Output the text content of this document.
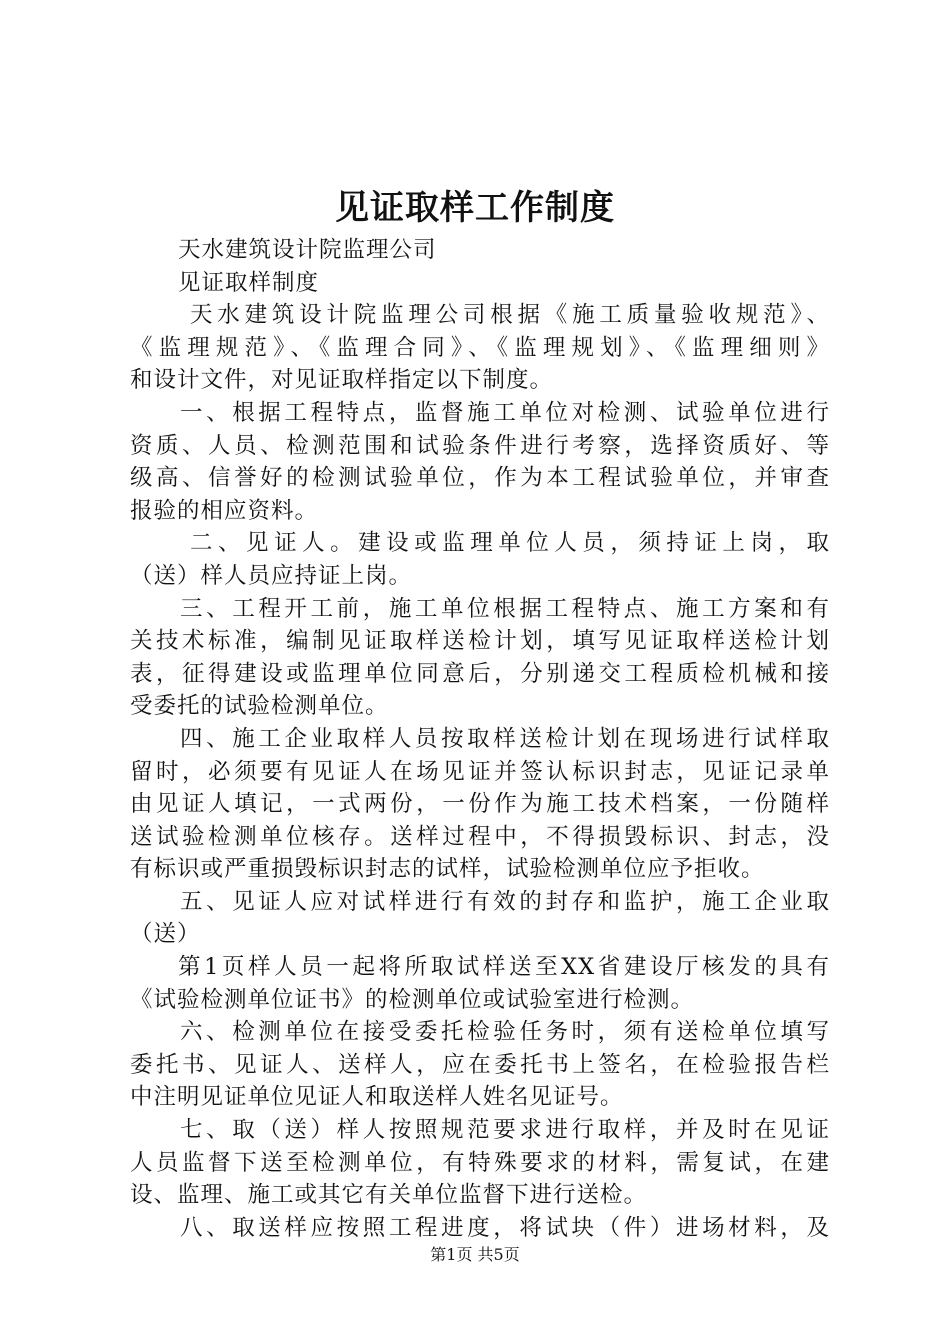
见证取样工作制度
天水建筑设计院监理公司
见证取样制度
天水建筑设计院监理公司根据《施工质量验收规范》、
《监理规范》、《监理合同》、《监理规划》、《监理细则》
和设计文件，对见证取样指定以下制度。
一、根据工程特点，监督施工单位对检测、试验单位进行
资质、人员、检测范围和试验条件进行考察，选择资质好、等
级高、信誉好的检测试验单位，作为本工程试验单位，并审查
报验的相应资料。
二、见证人。建设或监理单位人员，须持证上岗，取
（送）样人员应持证上岗。
三、工程开工前，施工单位根据工程特点、施工方案和有
关技术标准，编制见证取样送检计划，填写见证取样送检计划
表，征得建设或监理单位同意后，分别递交工程质检机械和接
受委托的试验检测单位。
四、施工企业取样人员按取样送检计划在现场进行试样取
留时，必须要有见证人在场见证并签认标识封志，见证记录单
由见证人填记，一式两份，一份作为施工技术档案，一份随样
送试验检测单位核存。送样过程中，不得损毁标识、封志，没
有标识或严重损毁标识封志的试样，试验检测单位应予拒收。
五、见证人应对试样进行有效的封存和监护，施工企业取
（送）
第1页样人员一起将所取试样送至XX省建设厅核发的具有
《试验检测单位证书》的检测单位或试验室进行检测。
六、检测单位在接受委托检验任务时，须有送检单位填写
委托书、见证人、送样人，应在委托书上签名，在检验报告栏
中注明见证单位见证人和取送样人姓名见证号。
七、取（送）样人按照规范要求进行取样，并及时在见证
人员监督下送至检测单位，有特殊要求的材料，需复试，在建
设、监理、施工或其它有关单位监督下进行送检。
八、取送样应按照工程进度，将试块（件）进场材料，及
第1页 共5页
